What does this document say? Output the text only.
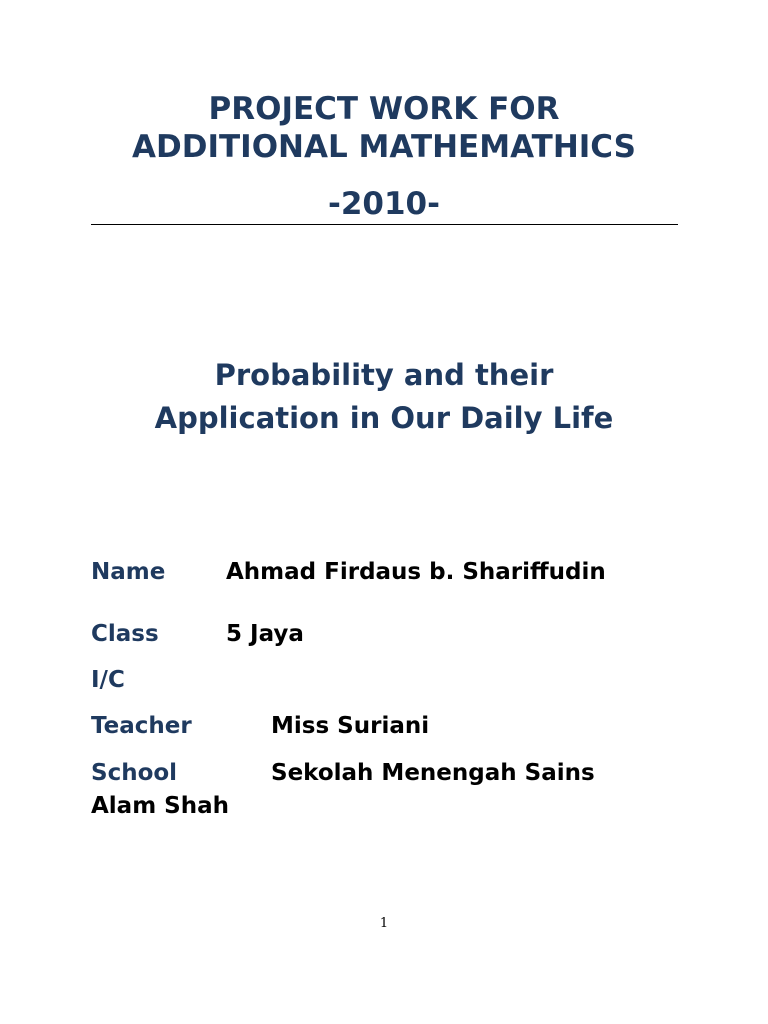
PROJECT WORK FOR
ADDITIONAL MATHEMATHICS
-2010-
Probability and their
Application in Our Daily Life
Name	Ahmad Firdaus b. Shariffudin
Class	5 Jaya
I/C
Teacher	Miss Suriani
School	Sekolah Menengah Sains
Alam Shah
1
